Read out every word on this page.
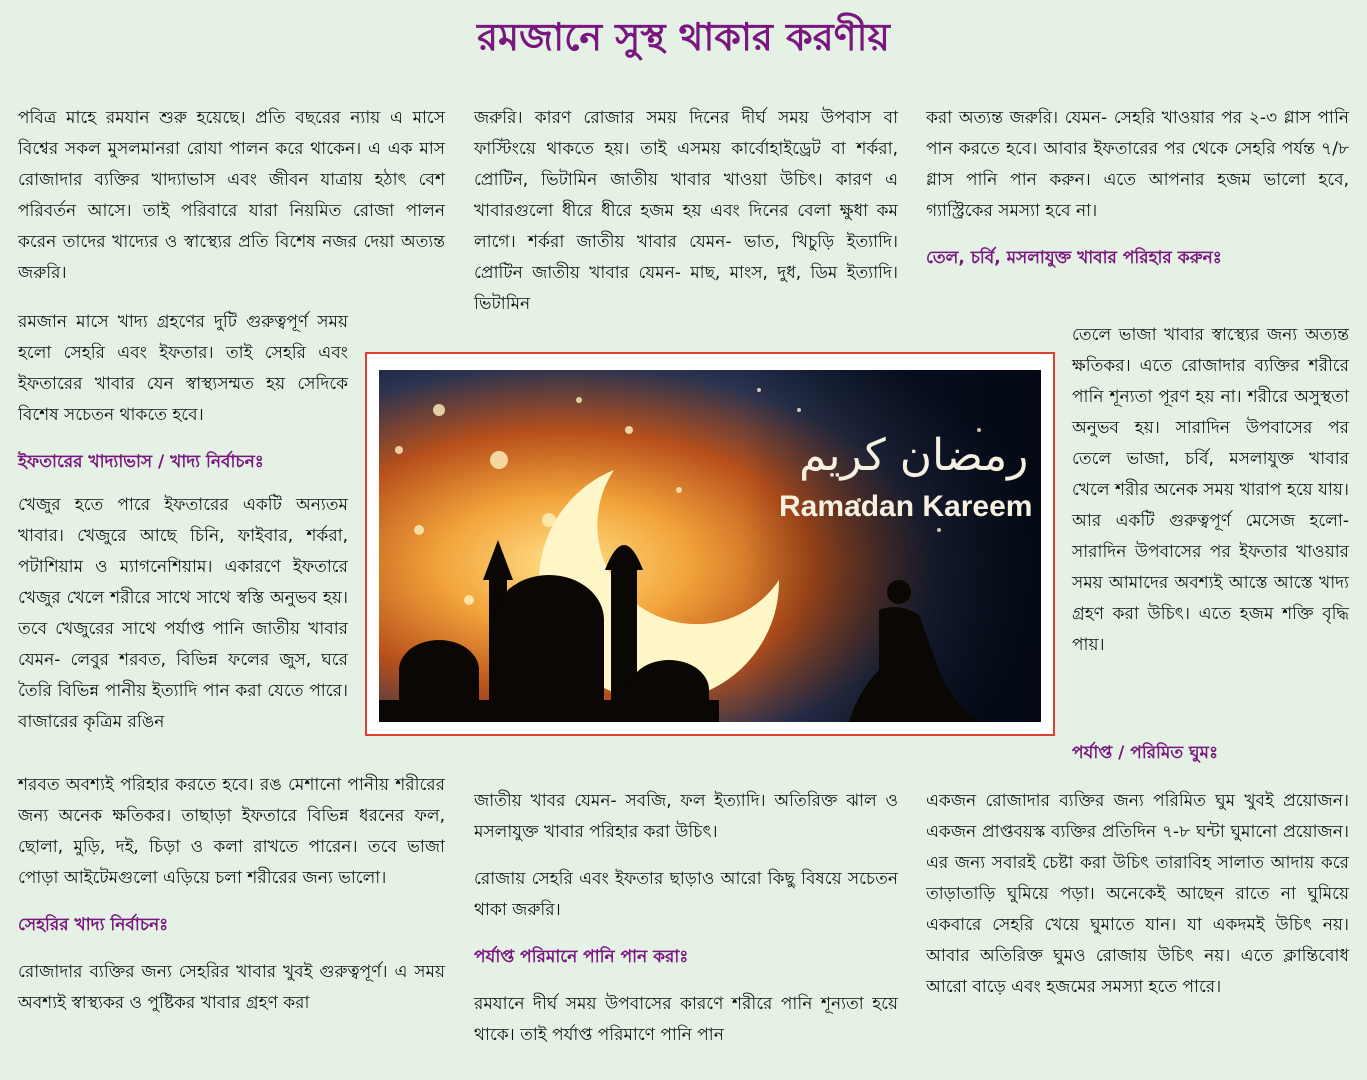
রমজানে সুস্থ থাকার করণীয়

পবিত্র মাহে রমযান শুরু হয়েছে। প্রতি বছরের ন্যায় এ মাসে বিশ্বের সকল মুসলমানরা রোযা পালন করে থাকেন। এ এক মাস রোজাদার ব্যক্তির খাদ্যাভাস এবং জীবন যাত্রায় হঠাৎ বেশ পরিবর্তন আসে। তাই পরিবারে যারা নিয়মিত রোজা পালন করেন তাদের খাদ্যের ও স্বাস্থ্যের প্রতি বিশেষ নজর দেয়া অত্যন্ত জরুরি।

রমজান মাসে খাদ্য গ্রহণের দুটি গুরুত্বপূর্ণ সময় হলো সেহরি এবং ইফতার। তাই সেহরি এবং ইফতারের খাবার যেন স্বাস্থ্যসম্মত হয় সেদিকে বিশেষ সচেতন থাকতে হবে।

ইফতারের খাদ্যাভাস / খাদ্য নির্বাচনঃ

খেজুর হতে পারে ইফতারের একটি অন্যতম খাবার। খেজুরে আছে চিনি, ফাইবার, শর্করা, পটাশিয়াম ও ম্যাগনেশিয়াম। একারণে ইফতারে খেজুর খেলে শরীরে সাথে সাথে স্বস্তি অনুভব হয়। তবে খেজুরের সাথে পর্যাপ্ত পানি জাতীয় খাবার যেমন- লেবুর শরবত, বিভিন্ন ফলের জুস, ঘরে তৈরি বিভিন্ন পানীয় ইত্যাদি পান করা যেতে পারে। বাজারের কৃত্রিম রঙিন

শরবত অবশ্যই পরিহার করতে হবে। রঙ মেশানো পানীয় শরীরের জন্য অনেক ক্ষতিকর। তাছাড়া ইফতারে বিভিন্ন ধরনের ফল, ছোলা, মুড়ি, দই, চিড়া ও কলা রাখতে পারেন। তবে ভাজা পোড়া আইটেমগুলো এড়িয়ে চলা শরীরের জন্য ভালো।

সেহরির খাদ্য নির্বাচনঃ

রোজাদার ব্যক্তির জন্য সেহরির খাবার খুবই গুরুত্বপূর্ণ। এ সময় অবশ্যই স্বাস্থ্যকর ও পুষ্টিকর খাবার গ্রহণ করা

জরুরি। কারণ রোজার সময় দিনের দীর্ঘ সময় উপবাস বা ফাস্টিংয়ে থাকতে হয়। তাই এসময় কার্বোহাইড্রেট বা শর্করা, প্রোটিন, ভিটামিন জাতীয় খাবার খাওয়া উচিৎ। কারণ এ খাবারগুলো ধীরে ধীরে হজম হয় এবং দিনের বেলা ক্ষুধা কম লাগে। শর্করা জাতীয় খাবার যেমন- ভাত, খিচুড়ি ইত্যাদি। প্রোটিন জাতীয় খাবার যেমন- মাছ, মাংস, দুধ, ডিম ইত্যাদি। ভিটামিন

জাতীয় খাবর যেমন- সবজি, ফল ইত্যাদি। অতিরিক্ত ঝাল ও মসলাযুক্ত খাবার পরিহার করা উচিৎ।

রোজায় সেহরি এবং ইফতার ছাড়াও আরো কিছু বিষয়ে সচেতন থাকা জরুরি।

পর্যাপ্ত পরিমানে পানি পান করাঃ

রমযানে দীর্ঘ সময় উপবাসের কারণে শরীরে পানি শূন্যতা হয়ে থাকে। তাই পর্যাপ্ত পরিমাণে পানি পান

করা অত্যন্ত জরুরি। যেমন- সেহরি খাওয়ার পর ২-৩ গ্লাস পানি পান করতে হবে। আবার ইফতারের পর থেকে সেহরি পর্যন্ত ৭/৮ গ্লাস পানি পান করুন। এতে আপনার হজম ভালো হবে, গ্যাস্ট্রিকের সমস্যা হবে না।

তেল, চর্বি, মসলাযুক্ত খাবার পরিহার করুনঃ

তেলে ভাজা খাবার স্বাস্থ্যের জন্য অত্যন্ত ক্ষতিকর। এতে রোজাদার ব্যক্তির শরীরে পানি শূন্যতা পূরণ হয় না। শরীরে অসুস্থতা অনুভব হয়। সারাদিন উপবাসের পর তেলে ভাজা, চর্বি, মসলাযুক্ত খাবার খেলে শরীর অনেক সময় খারাপ হয়ে যায়। আর একটি গুরুত্বপূর্ণ মেসেজ হলো- সারাদিন উপবাসের পর ইফতার খাওয়ার সময় আমাদের অবশ্যই আস্তে আস্তে খাদ্য গ্রহণ করা উচিৎ। এতে হজম শক্তি বৃদ্ধি পায়।

পর্যাপ্ত / পরিমিত ঘুমঃ

একজন রোজাদার ব্যক্তির জন্য পরিমিত ঘুম খুবই প্রয়োজন। একজন প্রাপ্তবয়স্ক ব্যক্তির প্রতিদিন ৭-৮ ঘন্টা ঘুমানো প্রয়োজন। এর জন্য সবারই চেষ্টা করা উচিৎ তারাবিহ সালাত আদায় করে তাড়াতাড়ি ঘুমিয়ে পড়া। অনেকেই আছেন রাতে না ঘুমিয়ে একবারে সেহরি খেয়ে ঘুমাতে যান। যা একদমই উচিৎ নয়। আবার অতিরিক্ত ঘুমও রোজায় উচিৎ নয়। এতে ক্লান্তিবোধ আরো বাড়ে এবং হজমের সমস্যা হতে পারে।

رمضان كريم
Ramadan Kareem
